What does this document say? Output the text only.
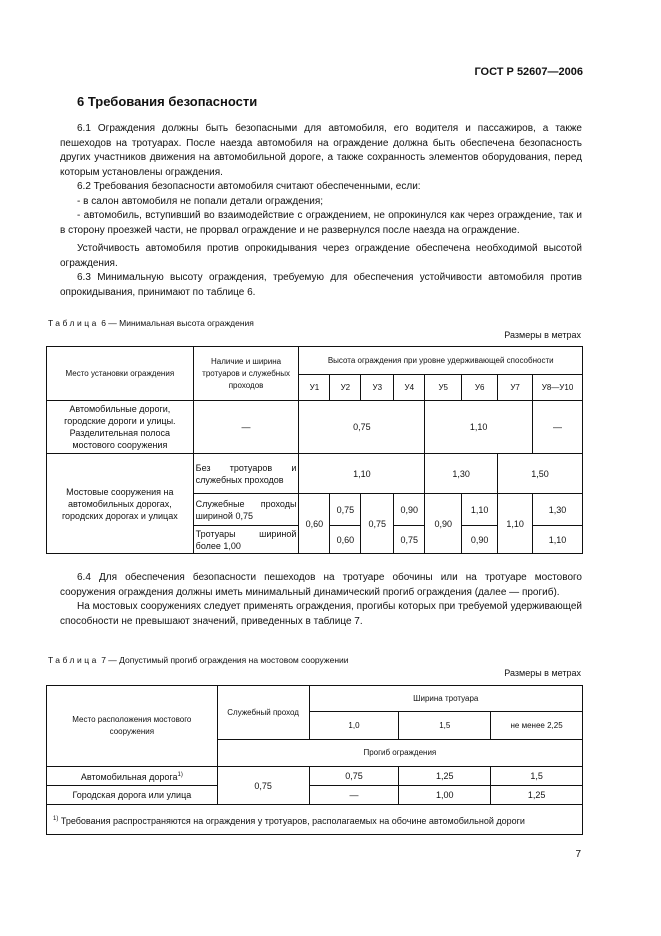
ГОСТ Р 52607—2006
6 Требования безопасности

6.1 Ограждения должны быть безопасными для автомобиля, его водителя и пассажиров, а также пешеходов на тротуарах. После наезда автомобиля на ограждение должна быть обеспечена безопасность других участников движения на автомобильной дороге, а также сохранность элементов оборудования, перед которым установлены ограждения.

6.2 Требования безопасности автомобиля считают обеспеченными, если:

- в салон автомобиля не попали детали ограждения;

- автомобиль, вступивший во взаимодействие с ограждением, не опрокинулся как через ограждение, так и в сторону проезжей части, не прорвал ограждение и не развернулся после наезда на ограждение.

Устойчивость автомобиля против опрокидывания через ограждение обеспечена необходимой высотой ограждения.

6.3 Минимальную высоту ограждения, требуемую для обеспечения устойчивости автомобиля против опрокидывания, принимают по таблице 6.

Таблица 6 — Минимальная высота ограждения
Размеры в метрах
Место установки ограждения	Наличие и ширина тротуаров и служебных проходов	Высота ограждения при уровне удерживающей способности							
		У1	У2	У3	У4	У5	У6	У7	У8—У10
Автомобильные дороги, городские дороги и улицы. Разделительная полоса мостового сооружения	—	0,75				1,10			—
Мостовые сооружения на автомобильных дорогах, городских дорогах и улицах	Без тротуаров и служебных проходов	1,10				1,30		1,50	
	Служебные проходы шириной 0,75	0,60	0,75	0,75	0,90	0,90	1,10	1,10	1,30
	Тротуары шириной более 1,00		0,60		0,75		0,90		1,10

6.4 Для обеспечения безопасности пешеходов на тротуаре обочины или на тротуаре мостового сооружения ограждения должны иметь минимальный динамический прогиб ограждения (далее — прогиб).

На мостовых сооружениях следует применять ограждения, прогибы которых при требуемой удерживающей способности не превышают значений, приведенных в таблице 7.

Таблица 7 — Допустимый прогиб ограждения на мостовом сооружении
Размеры в метрах
Место расположения мостового сооружения	Служебный проход	Ширина тротуара		
		1,0	1,5	не менее 2,25
	Прогиб ограждения			
Автомобильная дорога$^{1)}$	0,75	0,75	1,25	1,5
Городская дорога или улица		—	1,00	1,25
$^{1)}$ Требования распространяются на ограждения у тротуаров, располагаемых на обочине автомобильной дороги				
7
